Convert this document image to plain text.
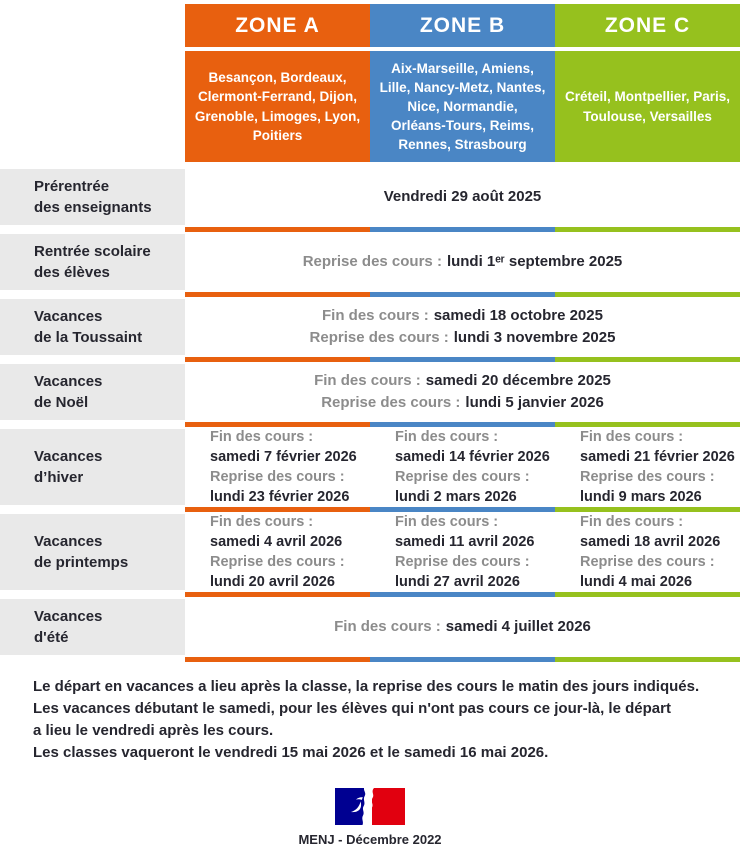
ZONE A	ZONE B	ZONE C
Besançon, Bordeaux, Clermont-Ferrand, Dijon, Grenoble, Limoges, Lyon, Poitiers
Aix-Marseille, Amiens, Lille, Nancy-Metz, Nantes, Nice, Normandie, Orléans-Tours, Reims, Rennes, Strasbourg
Créteil, Montpellier, Paris, Toulouse, Versailles
Prérentrée
des enseignants
Vendredi 29 août 2025
Rentrée scolaire
des élèves
Reprise des cours : lundi 1ᵉʳ septembre 2025
Vacances
de la Toussaint
Fin des cours : samedi 18 octobre 2025
Reprise des cours : lundi 3 novembre 2025
Vacances
de Noël
Fin des cours : samedi 20 décembre 2025
Reprise des cours : lundi 5 janvier 2026
Vacances
d’hiver
Fin des cours :
samedi 7 février 2026
Reprise des cours :
lundi 23 février 2026
Fin des cours :
samedi 14 février 2026
Reprise des cours :
lundi 2 mars 2026
Fin des cours :
samedi 21 février 2026
Reprise des cours :
lundi 9 mars 2026
Vacances
de printemps
Fin des cours :
samedi 4 avril 2026
Reprise des cours :
lundi 20 avril 2026
Fin des cours :
samedi 11 avril 2026
Reprise des cours :
lundi 27 avril 2026
Fin des cours :
samedi 18 avril 2026
Reprise des cours :
lundi 4 mai 2026
Vacances
d'été
Fin des cours : samedi 4 juillet 2026
Le départ en vacances a lieu après la classe, la reprise des cours le matin des jours indiqués.
Les vacances débutant le samedi, pour les élèves qui n'ont pas cours ce jour-là, le départ
a lieu le vendredi après les cours.
Les classes vaqueront le vendredi 15 mai 2026 et le samedi 16 mai 2026.
MENJ - Décembre 2022
